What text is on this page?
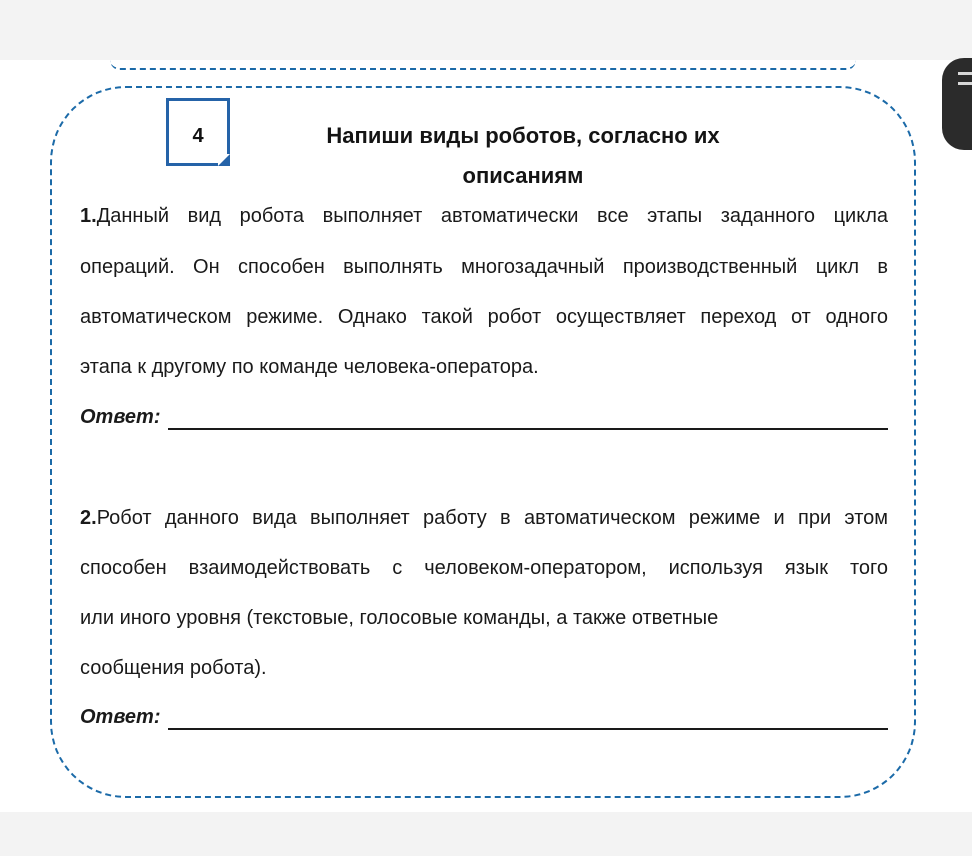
4	Напиши виды роботов, согласно их
описаниям
1.Данный вид робота выполняет автоматически все этапы заданного цикла
операций. Он способен выполнять многозадачный производственный цикл в
автоматическом режиме. Однако такой робот осуществляет переход от одного
этапа к другому по команде человека-оператора.
Ответ:
2.Робот данного вида выполняет работу в автоматическом режиме и при этом
способен взаимодействовать с человеком-оператором, используя язык того
или иного уровня (текстовые, голосовые команды, а также ответные
сообщения робота).
Ответ:
